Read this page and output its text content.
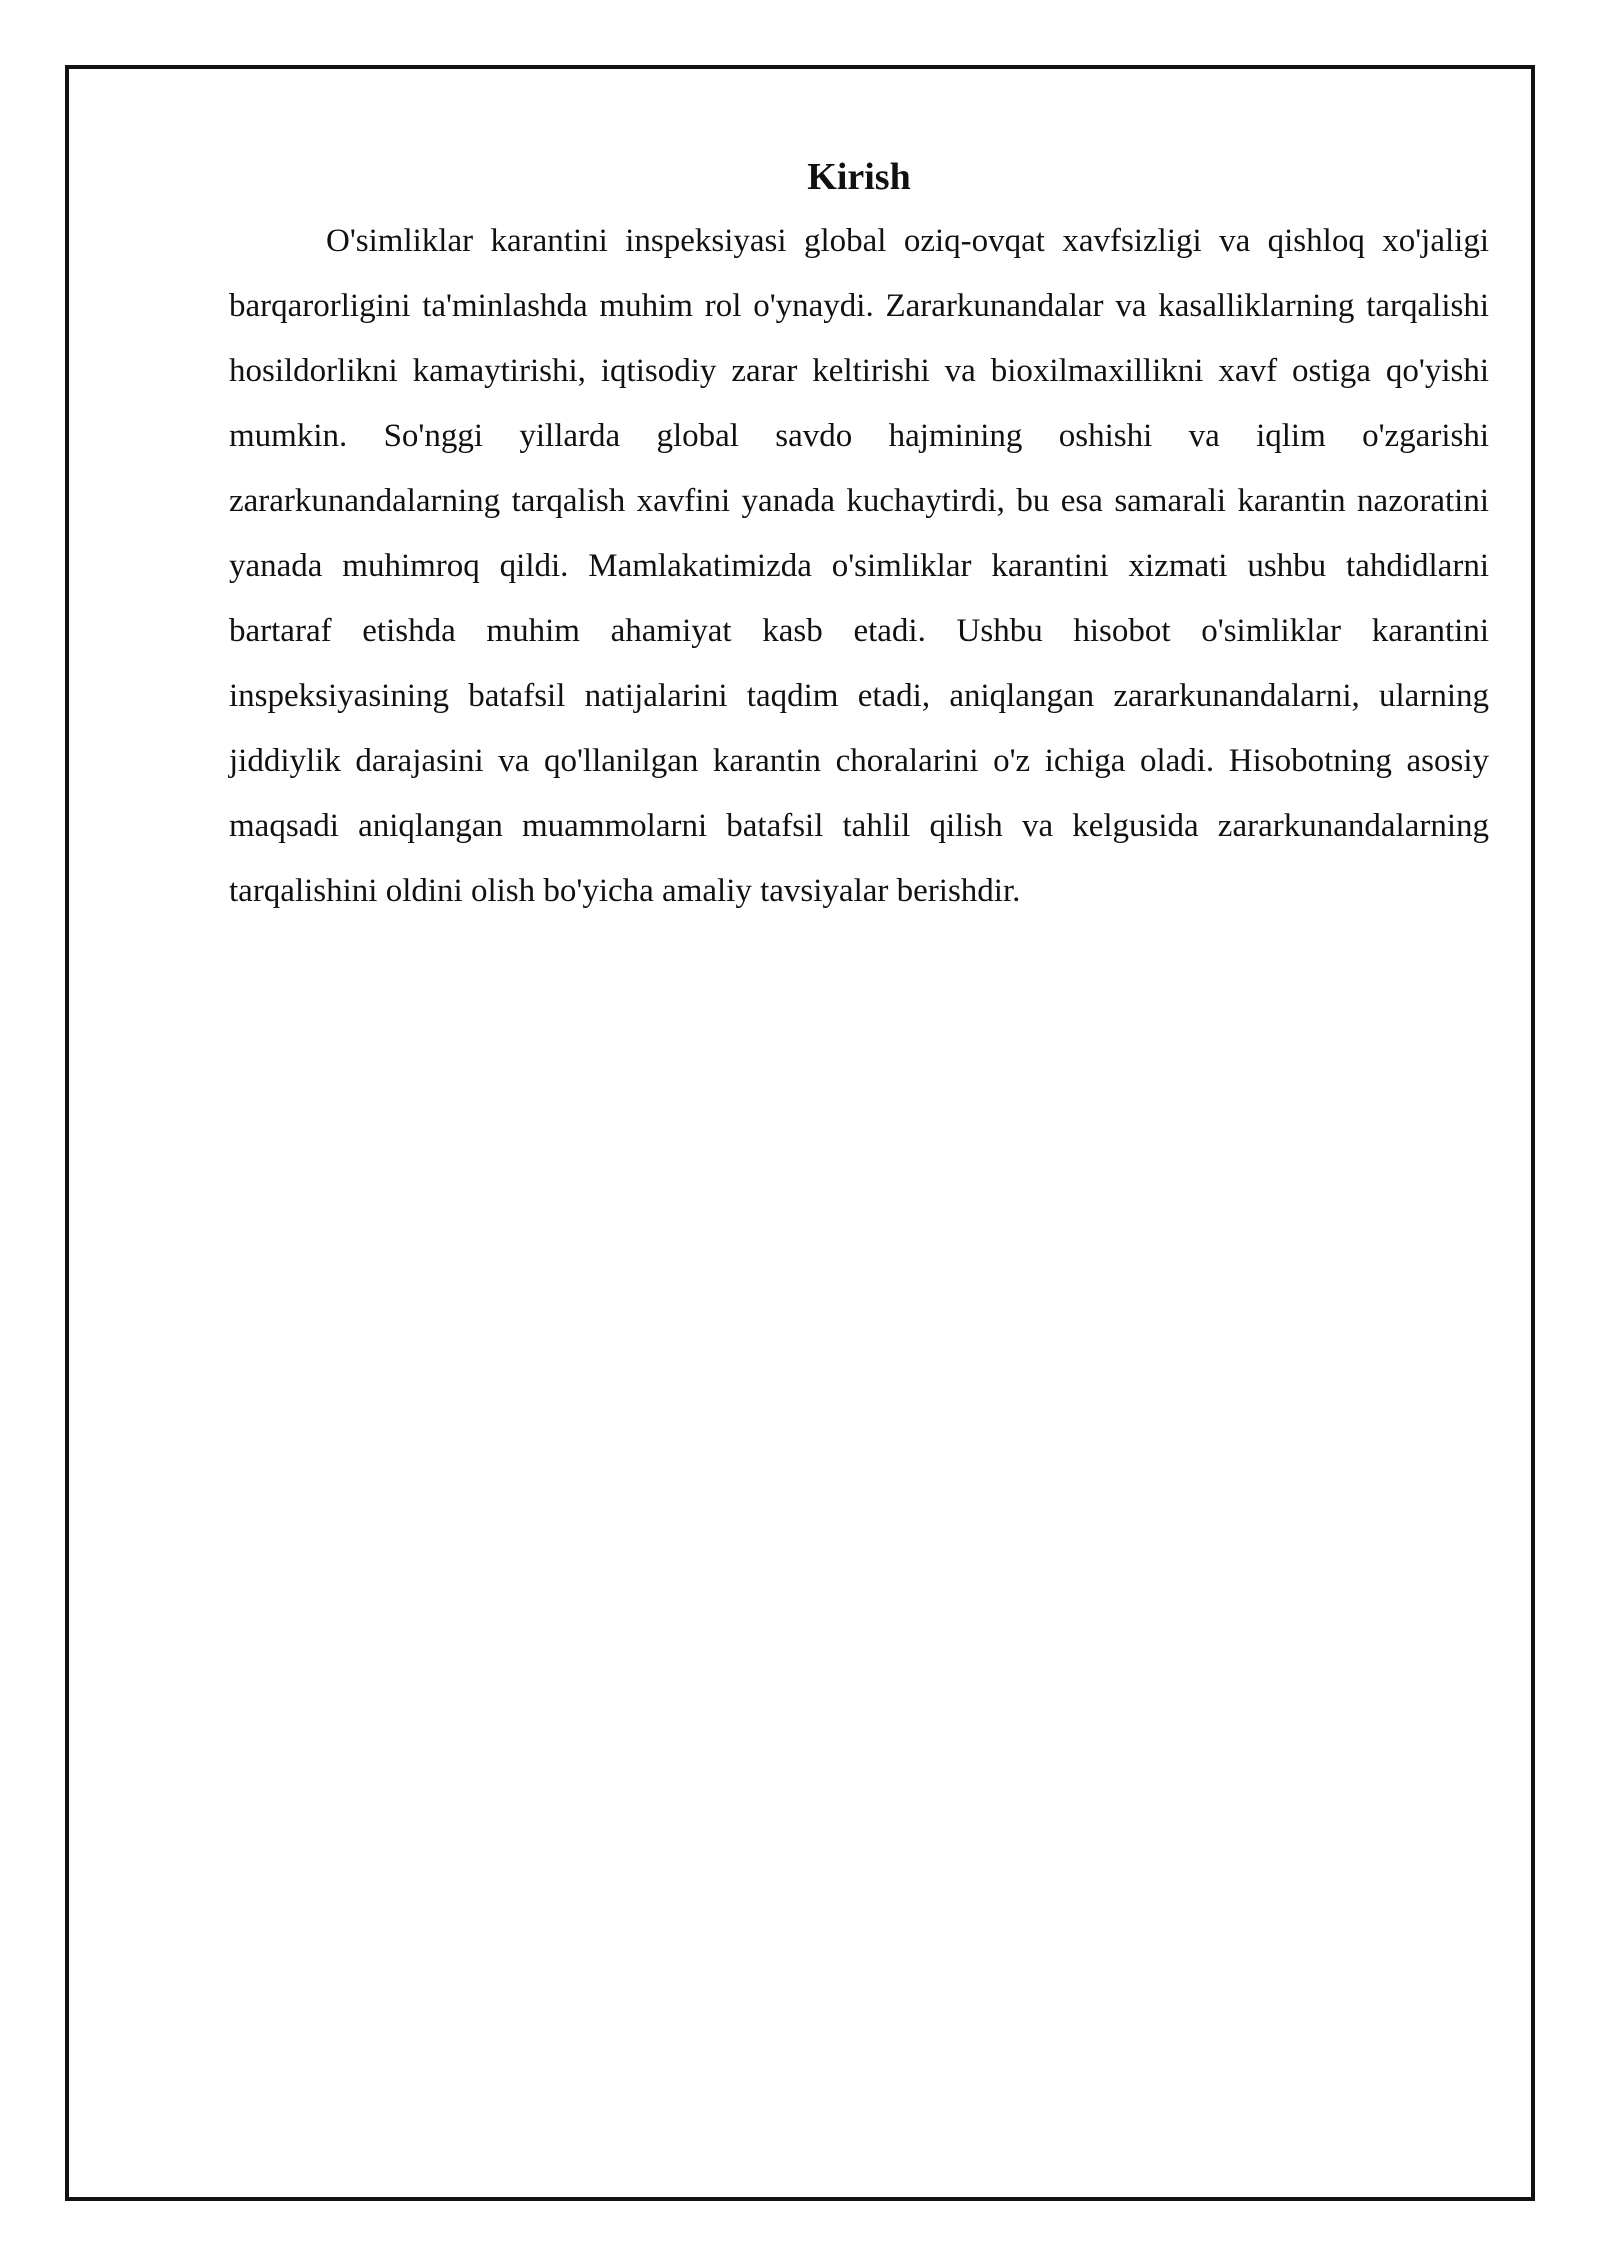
Kirish

O'simliklar karantini inspeksiyasi global oziq-ovqat xavfsizligi va qishloq xo'jaligi barqarorligini ta'minlashda muhim rol o'ynaydi. Zararkunandalar va kasalliklarning tarqalishi hosildorlikni kamaytirishi, iqtisodiy zarar keltirishi va bioxilmaxillikni xavf ostiga qo'yishi mumkin. So'nggi yillarda global savdo hajmining oshishi va iqlim o'zgarishi zararkunandalarning tarqalish xavfini yanada kuchaytirdi, bu esa samarali karantin nazoratini yanada muhimroq qildi. Mamlakatimizda o'simliklar karantini xizmati ushbu tahdidlarni bartaraf etishda muhim ahamiyat kasb etadi. Ushbu hisobot o'simliklar karantini inspeksiyasining batafsil natijalarini taqdim etadi, aniqlangan zararkunandalarni, ularning jiddiylik darajasini va qo'llanilgan karantin choralarini o'z ichiga oladi. Hisobotning asosiy maqsadi aniqlangan muammolarni batafsil tahlil qilish va kelgusida zararkunandalarning tarqalishini oldini olish bo'yicha amaliy tavsiyalar berishdir.
